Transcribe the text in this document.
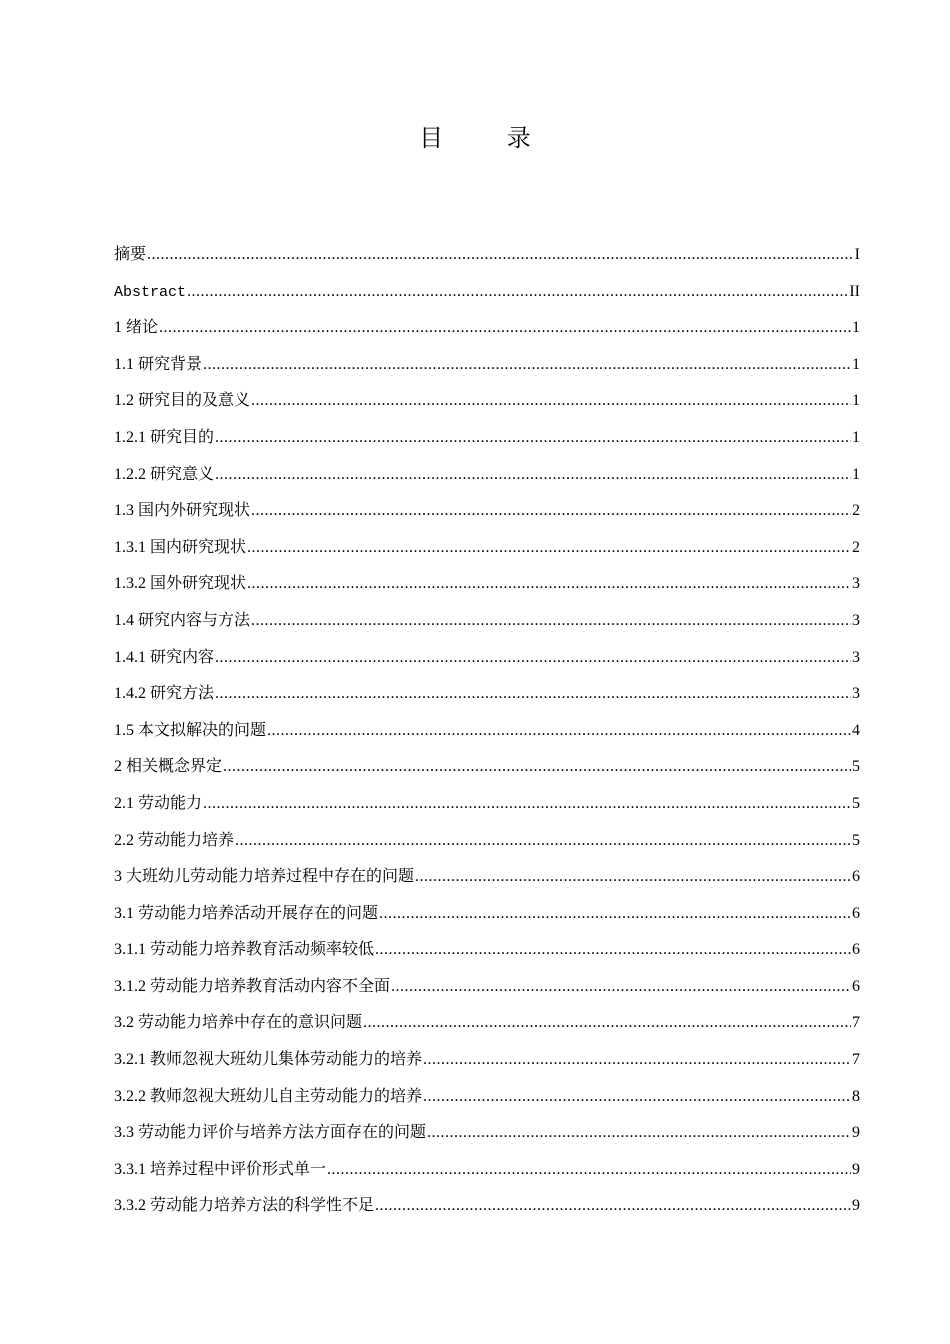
目 录
摘要 .....	I
Abstract .....	II
1 绪论 .....	1
1.1 研究背景 .....	1
1.2 研究目的及意义 .....	1
1.2.1 研究目的 .....	1
1.2.2 研究意义 .....	1
1.3 国内外研究现状 .....	2
1.3.1 国内研究现状 .....	2
1.3.2 国外研究现状 .....	3
1.4 研究内容与方法 .....	3
1.4.1 研究内容 .....	3
1.4.2 研究方法 .....	3
1.5 本文拟解决的问题 .....	4
2 相关概念界定 .....	5
2.1 劳动能力 .....	5
2.2 劳动能力培养 .....	5
3 大班幼儿劳动能力培养过程中存在的问题 .....	6
3.1 劳动能力培养活动开展存在的问题 .....	6
3.1.1 劳动能力培养教育活动频率较低 .....	6
3.1.2 劳动能力培养教育活动内容不全面 .....	6
3.2 劳动能力培养中存在的意识问题 .....	7
3.2.1 教师忽视大班幼儿集体劳动能力的培养 .....	7
3.2.2 教师忽视大班幼儿自主劳动能力的培养 .....	8
3.3 劳动能力评价与培养方法方面存在的问题 .....	9
3.3.1 培养过程中评价形式单一 .....	9
3.3.2 劳动能力培养方法的科学性不足 .....	9
